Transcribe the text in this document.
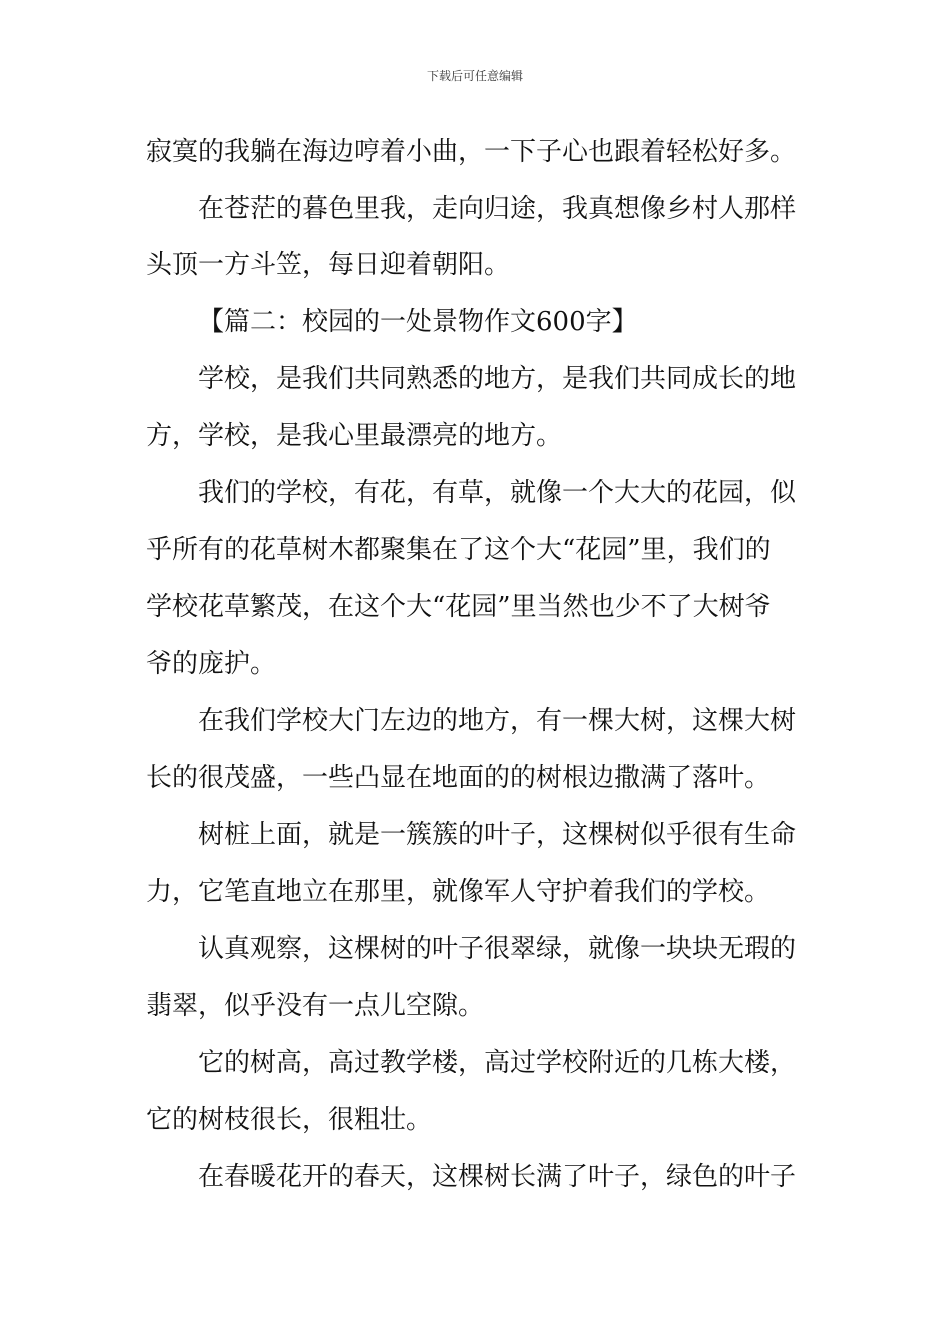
下载后可任意编辑
寂寞的我躺在海边哼着小曲，一下子心也跟着轻松好多。
在苍茫的暮色里我，走向归途，我真想像乡村人那样
头顶一方斗笠，每日迎着朝阳。
【篇二：校园的一处景物作文600字】
学校，是我们共同熟悉的地方，是我们共同成长的地
方，学校，是我心里最漂亮的地方。
我们的学校，有花，有草，就像一个大大的花园，似
乎所有的花草树木都聚集在了这个大“花园”里，我们的
学校花草繁茂，在这个大“花园”里当然也少不了大树爷
爷的庞护。
在我们学校大门左边的地方，有一棵大树，这棵大树
长的很茂盛，一些凸显在地面的的树根边撒满了落叶。
树桩上面，就是一簇簇的叶子，这棵树似乎很有生命
力，它笔直地立在那里，就像军人守护着我们的学校。
认真观察，这棵树的叶子很翠绿，就像一块块无瑕的
翡翠，似乎没有一点儿空隙。
它的树高，高过教学楼，高过学校附近的几栋大楼，
它的树枝很长，很粗壮。
在春暖花开的春天，这棵树长满了叶子，绿色的叶子
